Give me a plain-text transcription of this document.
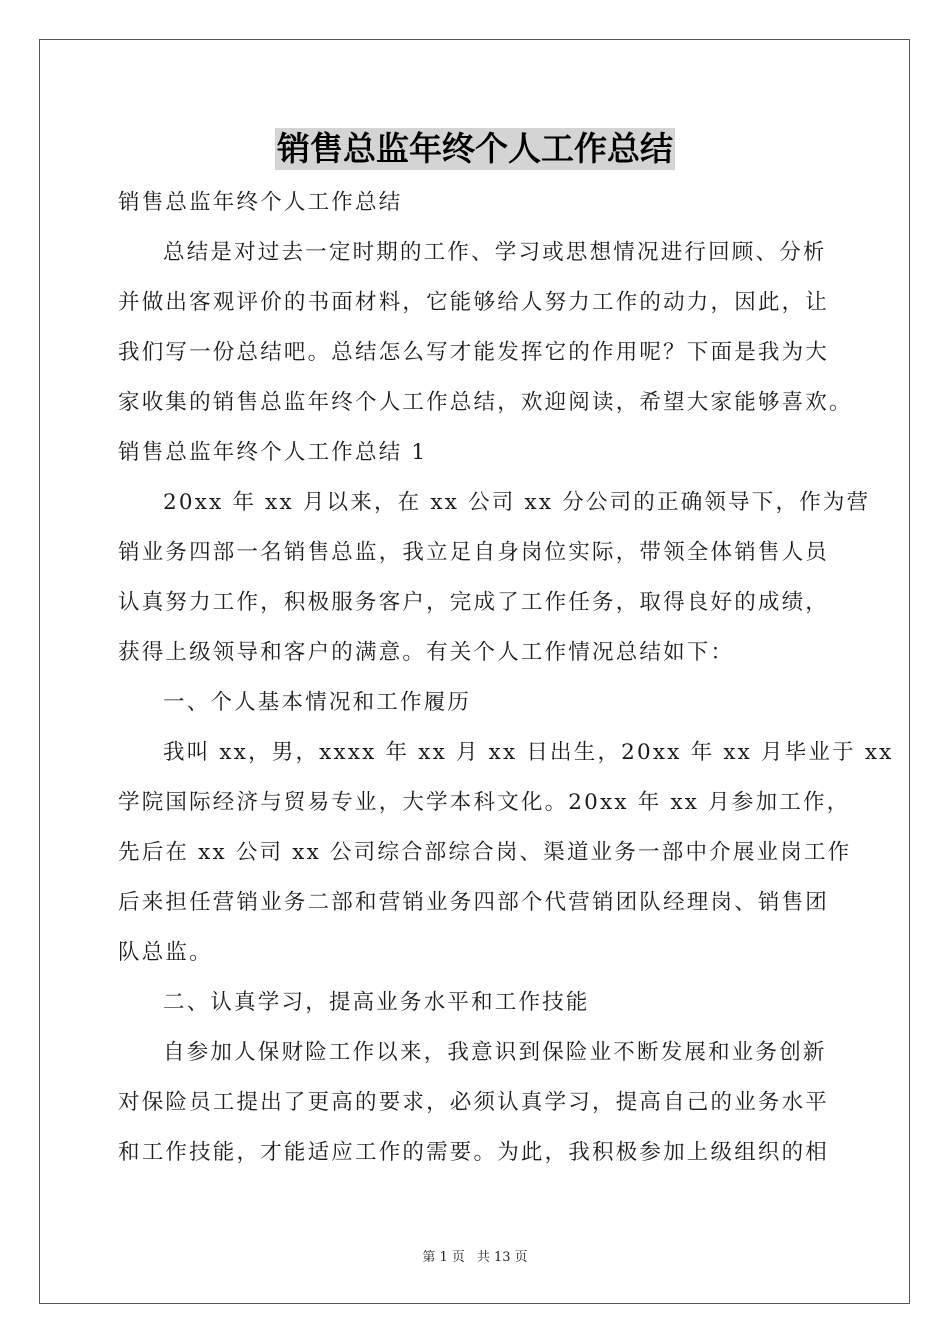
销售总监年终个人工作总结
销售总监年终个人工作总结
总结是对过去一定时期的工作、学习或思想情况进行回顾、分析
并做出客观评价的书面材料，它能够给人努力工作的动力，因此，让
我们写一份总结吧。总结怎么写才能发挥它的作用呢？下面是我为大
家收集的销售总监年终个人工作总结，欢迎阅读，希望大家能够喜欢。
销售总监年终个人工作总结 1
20xx 年 xx 月以来，在 xx 公司 xx 分公司的正确领导下，作为营
销业务四部一名销售总监，我立足自身岗位实际，带领全体销售人员
认真努力工作，积极服务客户，完成了工作任务，取得良好的成绩，
获得上级领导和客户的满意。有关个人工作情况总结如下：
一、个人基本情况和工作履历
我叫 xx，男，xxxx 年 xx 月 xx 日出生，20xx 年 xx 月毕业于 xx
学院国际经济与贸易专业，大学本科文化。20xx 年 xx 月参加工作，
先后在 xx 公司 xx 公司综合部综合岗、渠道业务一部中介展业岗工作
后来担任营销业务二部和营销业务四部个代营销团队经理岗、销售团
队总监。
二、认真学习，提高业务水平和工作技能
自参加人保财险工作以来，我意识到保险业不断发展和业务创新
对保险员工提出了更高的要求，必须认真学习，提高自己的业务水平
和工作技能，才能适应工作的需要。为此，我积极参加上级组织的相
第 1 页 共 13 页
